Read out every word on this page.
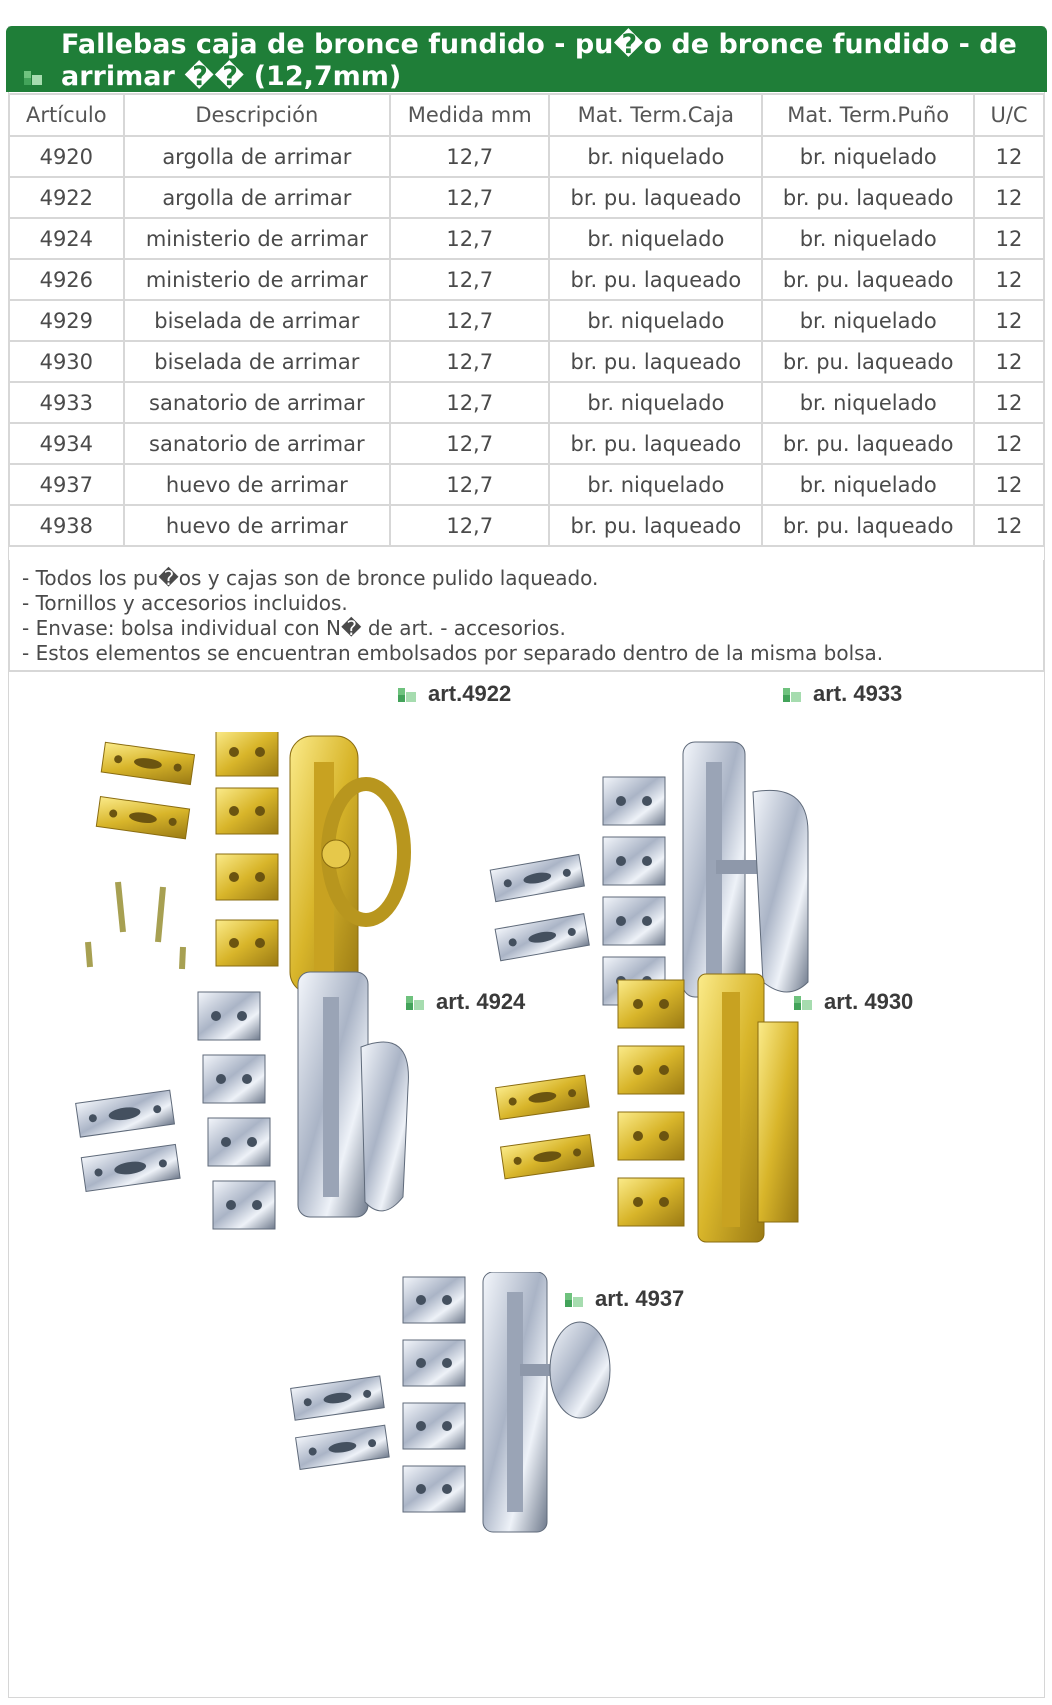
Fallebas caja de bronce fundido - pu�o de bronce fundido - de arrimar �� (12,7mm)
Artículo	Descripción	Medida mm	Mat. Term.Caja	Mat. Term.Puño	U/C
4920	argolla de arrimar	12,7	br. niquelado	br. niquelado	12
4922	argolla de arrimar	12,7	br. pu. laqueado	br. pu. laqueado	12
4924	ministerio de arrimar	12,7	br. niquelado	br. niquelado	12
4926	ministerio de arrimar	12,7	br. pu. laqueado	br. pu. laqueado	12
4929	biselada de arrimar	12,7	br. niquelado	br. niquelado	12
4930	biselada de arrimar	12,7	br. pu. laqueado	br. pu. laqueado	12
4933	sanatorio de arrimar	12,7	br. niquelado	br. niquelado	12
4934	sanatorio de arrimar	12,7	br. pu. laqueado	br. pu. laqueado	12
4937	huevo de arrimar	12,7	br. niquelado	br. niquelado	12
4938	huevo de arrimar	12,7	br. pu. laqueado	br. pu. laqueado	12
- Todos los pu�os y cajas son de bronce pulido laqueado.
- Tornillos y accesorios incluidos.
- Envase: bolsa individual con N� de art. - accesorios.
- Estos elementos se encuentran embolsados por separado dentro de la misma bolsa.
art.4922	art. 4933
art. 4924	art. 4930
art. 4937
